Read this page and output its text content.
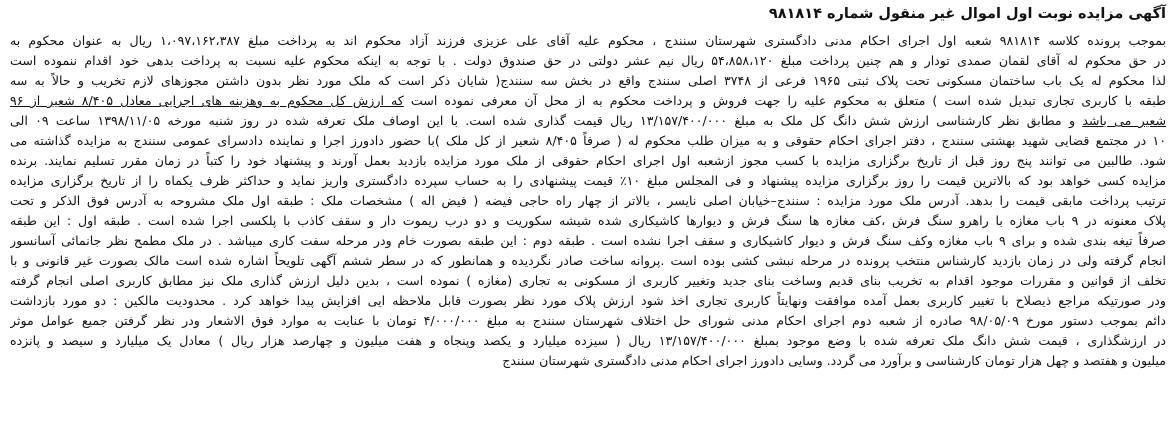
آگهی مزایده نوبت اول اموال غیر منقول شماره ۹۸۱۸۱۴
بموجب پرونده کلاسه ۹۸۱۸۱۴ شعبه اول اجرای احکام مدنی دادگستری شهرستان سنندج ، محکوم علیه آقای علی عزیزی فرزند آزاد محکوم اند به پرداخت مبلغ ۱،۰۹۷،۱۶۲،۳۸۷ ریال به عنوان محکوم به
در حق محکوم له آقای لقمان صمدی تودار و هم چنین پرداخت مبلغ ۵۴،۸۵۸،۱۲۰ ریال نیم عشر دولتی در حق صندوق دولت . با توجه به اینکه محکوم علیه نسبت به پرداخت بدهی خود اقدام ننموده است
لذا محکوم له یک باب ساختمان مسکونی تحت پلاک ثبتی ۱۹۶۵ فرعی از ۳۷۴۸ اصلی سنندج واقع در بخش سه سنندج( شایان ذکر است که ملک مورد نظر بدون داشتن مجوزهای لازم تخریب و حالاً به سه
طبقه با کاربری تجاری تبدیل شده است ) متعلق به محکوم علیه را جهت فروش و پرداخت محکوم به از محل آن معرفی نموده است که ارزش کل محکوم به وهزینه های اجرایی معادل ۸/۴۰۵ شعیر از ۹۶
شعیر می باشد و مطابق نظر کارشناسی ارزش شش دانگ کل ملک به مبلغ ۱۳/۱۵۷/۴۰۰/۰۰۰ ریال قیمت گذاری شده است. با این اوصاف ملک تعرفه شده در روز شنبه مورخه ۱۳۹۸/۱۱/۰۵ ساعت ۰۹ الی
۱۰ در مجتمع قضایی شهید بهشتی سنندج ، دفتر اجرای احکام حقوقی و به میزان طلب محکوم له ( صرفاً ۸/۴۰۵ شعیر از کل ملک )با حضور دادورز اجرا و نماینده دادسرای عمومی سنندج به مزایده گذاشته می
شود. طالبین می توانند پنج روز قبل از تاریخ برگزاری مزایده با کسب مجوز ازشعبه اول اجرای احکام حقوقی از ملک مورد مزایده بازدید بعمل آورند و پیشنهاد خود را کتباً در زمان مقرر تسلیم نمایند. برنده
مزایده کسی خواهد بود که بالاترین قیمت را روز برگزاری مزایده پیشنهاد و فی المجلس مبلغ ۱۰٪ قیمت پیشنهادی را به حساب سپرده دادگستری واریز نماید و حداکثر ظرف یکماه را از تاریخ برگزاری مزایده
ترتیب پرداخت مابقی قیمت را بدهد. آدرس ملک مورد مزایده : سنندج–خیابان اصلی نایسر ، بالاتر از چهار راه حاجی فیضه ( فیض اله ) مشخصات ملک : طبقه اول ملک مشروحه به آدرس فوق الذکر و تحت
پلاک معنونه در ۹ باب مغازه با راهرو سنگ فرش ،کف مغازه ها سنگ فرش و دیوارها کاشیکاری شده شیشه سکوریت و دو درب ریموت دار و سقف کاذب با پلکسی اجرا شده است . طبقه اول : این طبقه
صرفاً تیغه بندی شده و برای ۹ باب مغازه وکف سنگ فرش و دیوار کاشیکاری و سقف اجرا نشده است . طبقه دوم : این طبقه بصورت خام ودر مرحله سفت کاری میباشد . در ملک مطمح نظر جانمائی آسانسور
انجام گرفته ولی در زمان بازدید کارشناس منتخب پرونده در مرحله نبشی کشی بوده است .پروانه ساخت صادر نگردیده و همانطور که در سطر ششم آگهی تلویحاً اشاره شده است مالک بصورت غیر قانونی و با
تخلف از قوانین و مقررات موجود اقدام به تخریب بنای قدیم وساخت بنای جدید وتغییر کاربری از مسکونی به تجاری (مغازه ) نموده است ، بدین دلیل ارزش گذاری ملک نیز مطابق کاربری اصلی انجام گرفته
ودر صورتیکه مراجع ذیصلاح با تغییر کاربری بعمل آمده موافقت ونهایتاً کاربری تجاری اخذ شود ارزش پلاک مورد نظر بصورت قابل ملاحظه ایی افزایش پیدا خواهد کرد . محدودیت مالکین : دو مورد بازداشت
دائم بموجب دستور مورخ ۹۸/۰۵/۰۹ صادره از شعبه دوم اجرای احکام مدنی شورای حل اختلاف شهرستان سنندج به مبلغ ۴/۰۰۰/۰۰۰ تومان با عنایت به موارد فوق الاشعار ودر نظر گرفتن جمیع عوامل موثر
در ارزشگذاری ، قیمت شش دانگ ملک تعرفه شده با وضع موجود بمبلغ ۱۳/۱۵۷/۴۰۰/۰۰۰ ریال ( سیزده میلیارد و یکصد وپنجاه و هفت میلیون و چهارصد هزار ریال ) معادل یک میلیارد و سیصد و پانزده
میلیون و هفتصد و چهل هزار تومان کارشناسی و برآورد می گردد. وسایی دادورز اجرای احکام مدنی دادگستری شهرستان سنندج
